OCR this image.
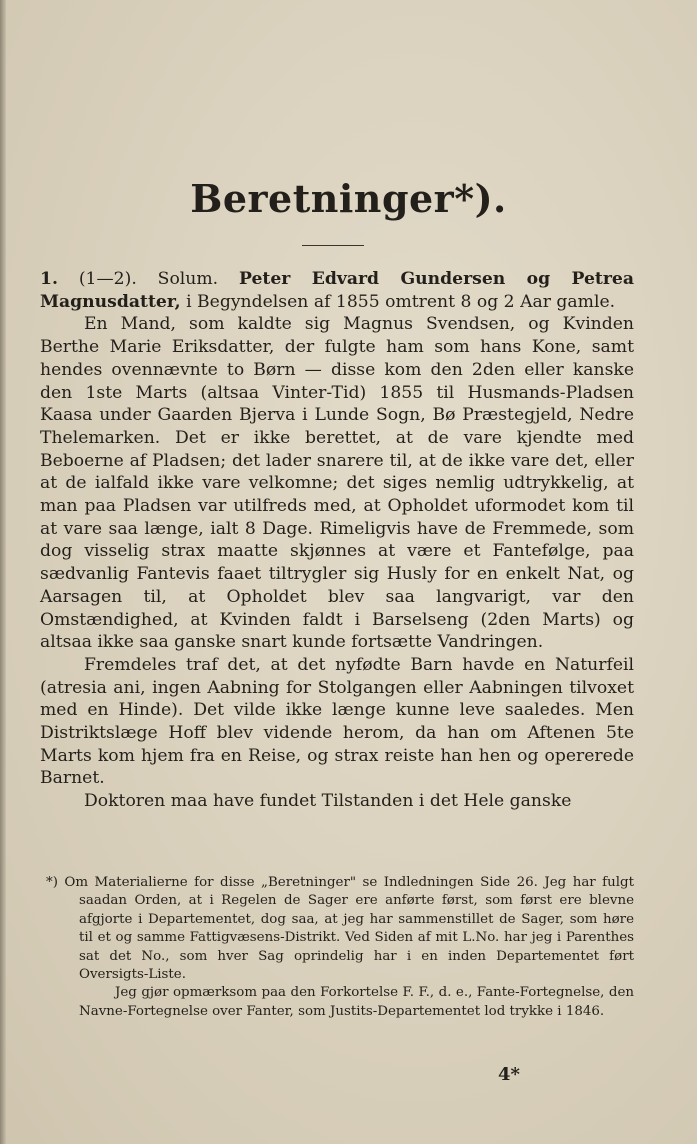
Beretninger*).

1. (1—2). Solum. Peter Edvard Gundersen og Petrea Magnusdatter, i Begyndelsen af 1855 omtrent 8 og 2 Aar gamle.

En Mand, som kaldte sig Magnus Svendsen, og Kvinden Berthe Marie Eriksdatter, der fulgte ham som hans Kone, samt hendes ovennævnte to Børn — disse kom den 2den eller kanske den 1ste Marts (altsaa Vinter-Tid) 1855 til Husmands-Pladsen Kaasa under Gaarden Bjerva i Lunde Sogn, Bø Præstegjeld, Nedre Thelemarken. Det er ikke berettet, at de vare kjendte med Beboerne af Pladsen; det lader snarere til, at de ikke vare det, eller at de ialfald ikke vare velkomne; det siges nemlig udtrykkelig, at man paa Pladsen var utilfreds med, at Opholdet uformodet kom til at vare saa længe, ialt 8 Dage. Rimeligvis have de Fremmede, som dog visselig strax maatte skjønnes at være et Fantefølge, paa sædvanlig Fantevis faaet tiltrygler sig Husly for en enkelt Nat, og Aarsagen til, at Opholdet blev saa langvarigt, var den Omstændighed, at Kvinden faldt i Barselseng (2den Marts) og altsaa ikke saa ganske snart kunde fortsætte Vandringen.

Fremdeles traf det, at det nyfødte Barn havde en Naturfeil (atresia ani, ingen Aabning for Stolgangen eller Aabningen tilvoxet med en Hinde). Det vilde ikke længe kunne leve saaledes. Men Distriktslæge Hoff blev vidende herom, da han om Aftenen 5te Marts kom hjem fra en Reise, og strax reiste han hen og opererede Barnet.

Doktoren maa have fundet Tilstanden i det Hele ganske

*) Om Materialierne for disse „Beretninger" se Indledningen Side 26. Jeg har fulgt saadan Orden, at i Regelen de Sager ere anførte først, som først ere blevne afgjorte i Departementet, dog saa, at jeg har sammenstillet de Sager, som høre til et og samme Fattigvæsens-Distrikt. Ved Siden af mit L.No. har jeg i Parenthes sat det No., som hver Sag oprindelig har i en inden Departementet ført Oversigts-Liste.

Jeg gjør opmærksom paa den Forkortelse F. F., d. e., Fante-Fortegnelse, den Navne-Fortegnelse over Fanter, som Justits-Departementet lod trykke i 1846.

4*
